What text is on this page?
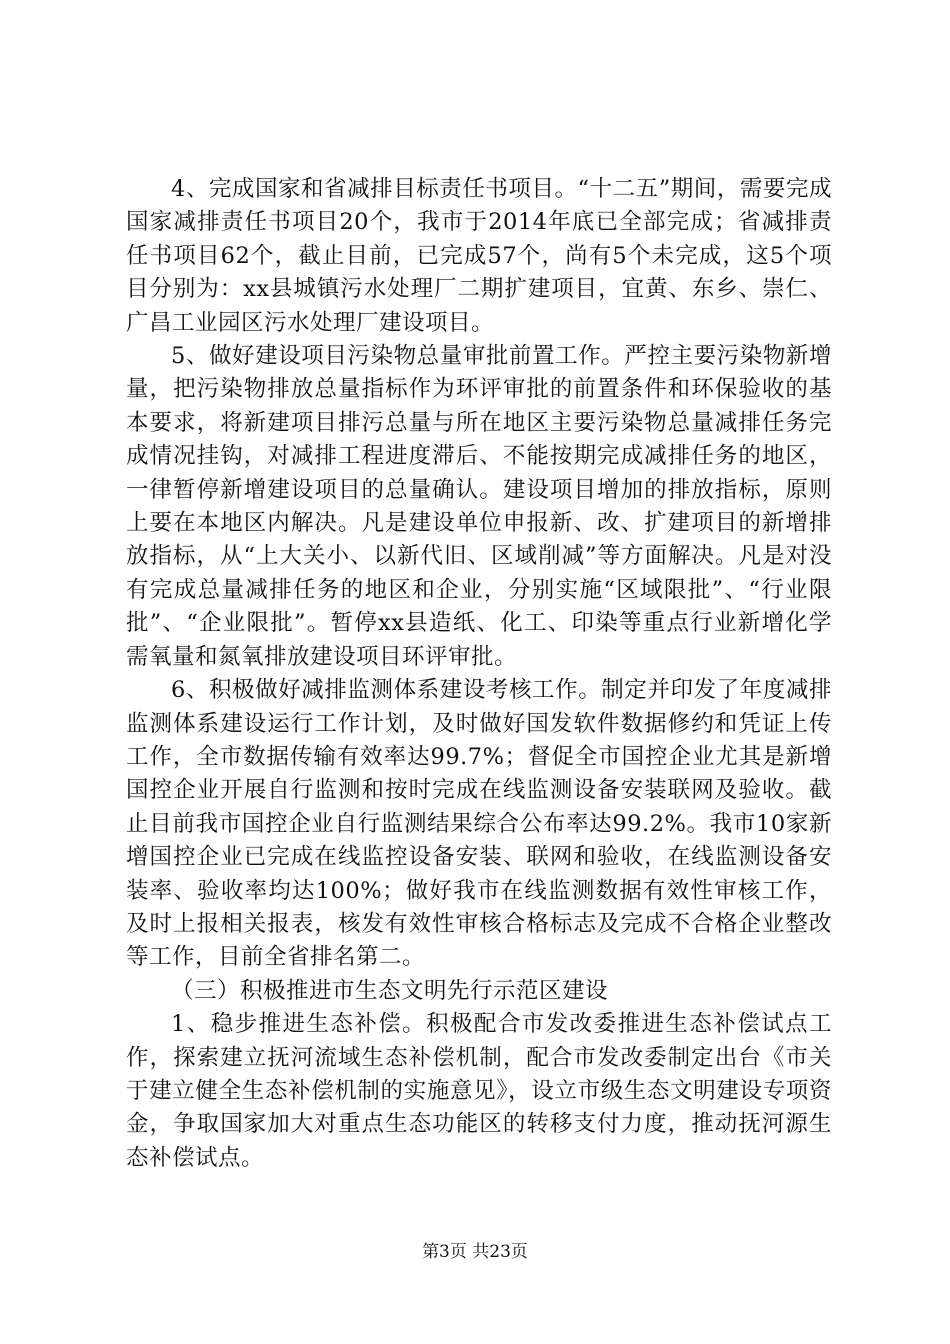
4、完成国家和省减排目标责任书项目。“十二五”期间，需要完成国家减排责任书项目20个，我市于2014年底已全部完成；省减排责任书项目62个，截止目前，已完成57个，尚有5个未完成，这5个项目分别为：xx县城镇污水处理厂二期扩建项目，宜黄、东乡、崇仁、广昌工业园区污水处理厂建设项目。

5、做好建设项目污染物总量审批前置工作。严控主要污染物新增量，把污染物排放总量指标作为环评审批的前置条件和环保验收的基本要求，将新建项目排污总量与所在地区主要污染物总量减排任务完成情况挂钩，对减排工程进度滞后、不能按期完成减排任务的地区，一律暂停新增建设项目的总量确认。建设项目增加的排放指标，原则上要在本地区内解决。凡是建设单位申报新、改、扩建项目的新增排放指标，从“上大关小、以新代旧、区域削减”等方面解决。凡是对没有完成总量减排任务的地区和企业，分别实施“区域限批”、“行业限批”、“企业限批”。暂停xx县造纸、化工、印染等重点行业新增化学需氧量和氮氧排放建设项目环评审批。

6、积极做好减排监测体系建设考核工作。制定并印发了年度减排监测体系建设运行工作计划，及时做好国发软件数据修约和凭证上传工作，全市数据传输有效率达99.7%；督促全市国控企业尤其是新增国控企业开展自行监测和按时完成在线监测设备安装联网及验收。截止目前我市国控企业自行监测结果综合公布率达99.2%。我市10家新增国控企业已完成在线监控设备安装、联网和验收，在线监测设备安装率、验收率均达100%；做好我市在线监测数据有效性审核工作，及时上报相关报表，核发有效性审核合格标志及完成不合格企业整改等工作，目前全省排名第二。

（三）积极推进市生态文明先行示范区建设

1、稳步推进生态补偿。积极配合市发改委推进生态补偿试点工作，探索建立抚河流域生态补偿机制，配合市发改委制定出台《市关于建立健全生态补偿机制的实施意见》，设立市级生态文明建设专项资金，争取国家加大对重点生态功能区的转移支付力度，推动抚河源生态补偿试点。

第3页 共23页
